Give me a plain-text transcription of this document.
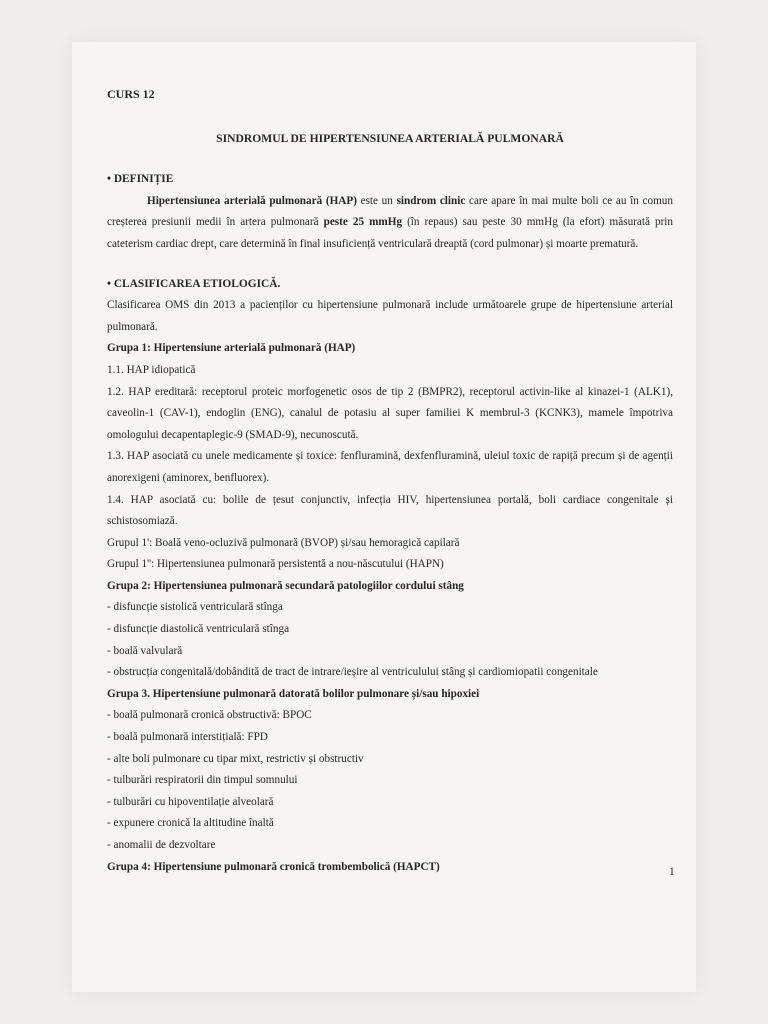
CURS 12
SINDROMUL DE HIPERTENSIUNEA ARTERIALĂ PULMONARĂ
• DEFINIȚIE

Hipertensiunea arterială pulmonară (HAP) este un sindrom clinic care apare în mai multe boli ce au în comun creșterea presiunii medii în artera pulmonară peste 25 mmHg (în repaus) sau peste 30 mmHg (la efort) măsurată prin cateterism cardiac drept, care determină în final insuficiență ventriculară dreaptă (cord pulmonar) și moarte prematură.

• CLASIFICAREA ETIOLOGICĂ.

Clasificarea OMS din 2013 a pacienților cu hipertensiune pulmonară include următoarele grupe de hipertensiune arterial pulmonară.

Grupa 1: Hipertensiune arterială pulmonară (HAP)

1.1. HAP idiopatică

1.2. HAP ereditară: receptorul proteic morfogenetic osos de tip 2 (BMPR2), receptorul activin-like al kinazei-1 (ALK1), caveolin-1 (CAV-1), endoglin (ENG), canalul de potasiu al super familiei K membrul-3 (KCNK3), mamele împotriva omologului decapentaplegic-9 (SMAD-9), necunoscută.

1.3. HAP asociată cu unele medicamente și toxice: fenfluramină, dexfenfluramină, uleiul toxic de rapiță precum și de agenții anorexigeni (aminorex, benfluorex).

1.4. HAP asociată cu: bolile de țesut conjunctiv, infecția HIV, hipertensiunea portală, boli cardiace congenitale și schistosomiază.

Grupul 1': Boală veno-ocluzivă pulmonară (BVOP) și/sau hemoragică capilară

Grupul 1'': Hipertensiunea pulmonară persistentă a nou-născutului (HAPN)

Grupa 2: Hipertensiunea pulmonară secundară patologiilor cordului stâng

- disfuncție sistolică ventriculară stînga

- disfuncție diastolică ventriculară stînga

- boală valvulară

- obstrucția congenitală/dobândită de tract de intrare/ieșire al ventriculului stâng și cardiomiopatii congenitale

Grupa 3. Hipertensiune pulmonară datorată bolilor pulmonare și/sau hipoxiei

- boală pulmonară cronică obstructivă: BPOC

- boală pulmonară interstițială: FPD

- alte boli pulmonare cu tipar mixt, restrictiv și obstructiv

- tulburări respiratorii din timpul somnului

- tulburări cu hipoventilație alveolară

- expunere cronică la altitudine înaltă

- anomalii de dezvoltare

Grupa 4: Hipertensiune pulmonară cronică trombembolică (HAPCT)	1
